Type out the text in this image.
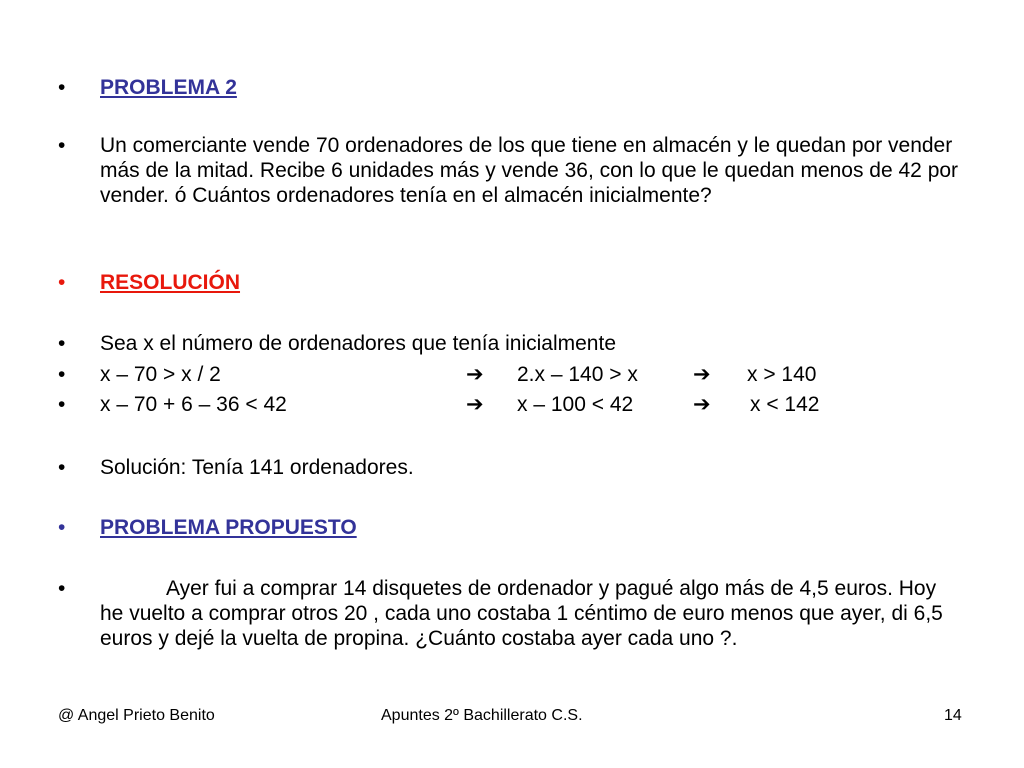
• PROBLEMA 2
• Un comerciante vende 70 ordenadores de los que tiene en almacén y le quedan por vender más de la mitad. Recibe 6 unidades más y vende 36, con lo que le quedan menos de 42 por vender. ó Cuántos ordenadores tenía en el almacén inicialmente?
• RESOLUCIÓN
• Sea x el número de ordenadores que tenía inicialmente
• x – 70 > x / 2	➔ 2.x – 140 > x	➔ x > 140
• x – 70 + 6 – 36 < 42	➔ x – 100 < 42	➔ x < 142
• Solución: Tenía 141 ordenadores.
• PROBLEMA PROPUESTO
•	Ayer fui a comprar 14 disquetes de ordenador y pagué algo más de 4,5 euros. Hoy he vuelto a comprar otros 20 , cada uno costaba 1 céntimo de euro menos que ayer, di 6,5 euros y dejé la vuelta de propina. ¿Cuánto costaba ayer cada uno ?.
@ Angel Prieto Benito	Apuntes 2º Bachillerato C.S.	14
